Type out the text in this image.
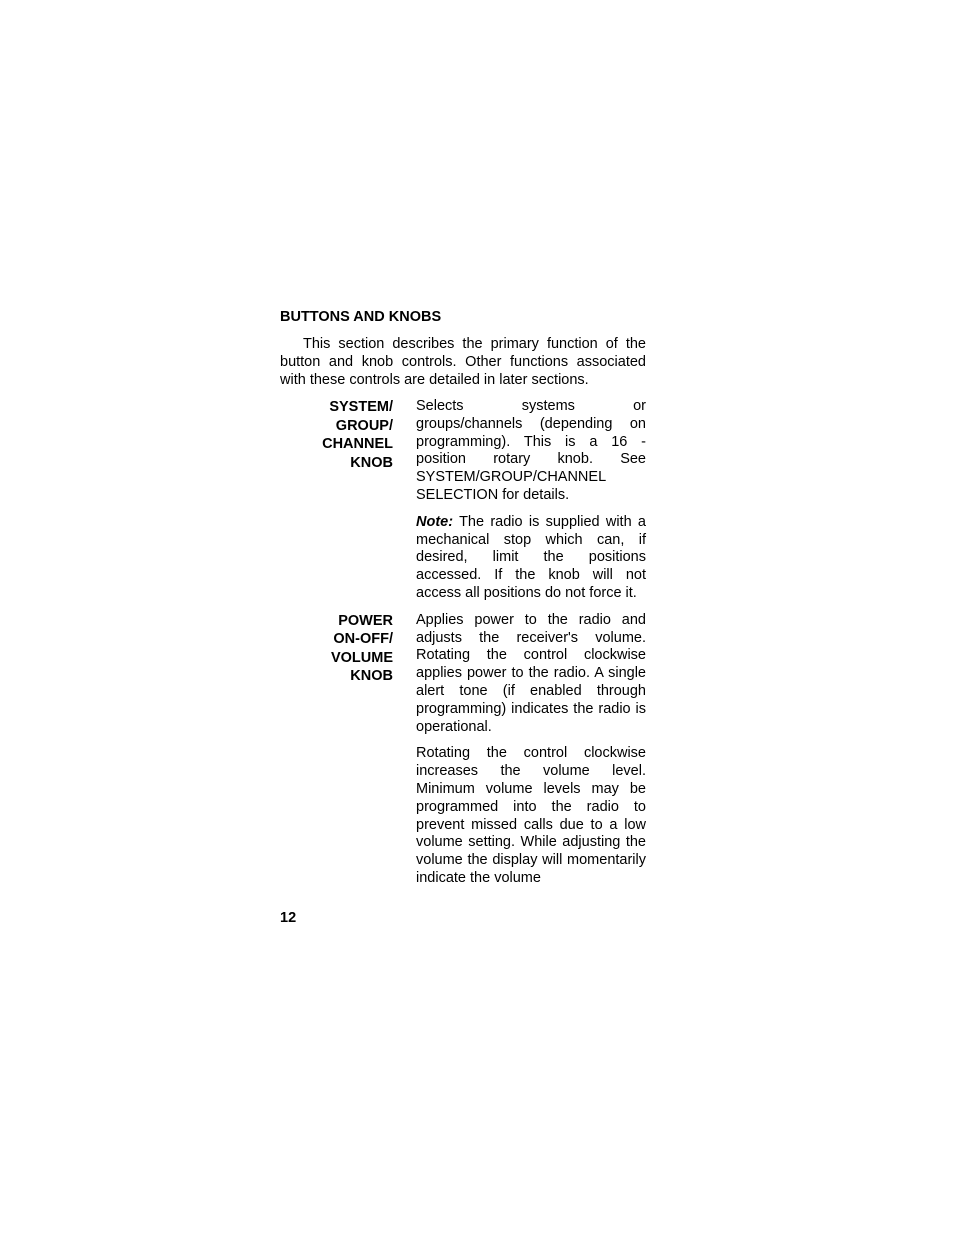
BUTTONS AND KNOBS

This section describes the primary function of the button and knob controls. Other functions associated with these controls are detailed in later sections.

SYSTEM/
GROUP/
CHANNEL
KNOB

Selects systems or groups/channels (depending on programming). This is a 16 - position rotary knob. See SYSTEM/GROUP/CHANNEL SELECTION for details.

Note: The radio is supplied with a mechanical stop which can, if desired, limit the positions accessed. If the knob will not access all positions do not force it.

POWER
ON-OFF/
VOLUME
KNOB

Applies power to the radio and adjusts the receiver's volume. Rotating the control clockwise applies power to the radio. A single alert tone (if enabled through programming) indicates the radio is operational.

Rotating the control clockwise increases the volume level. Minimum volume levels may be programmed into the radio to prevent missed calls due to a low volume setting. While adjusting the volume the display will momentarily indicate the volume

12
